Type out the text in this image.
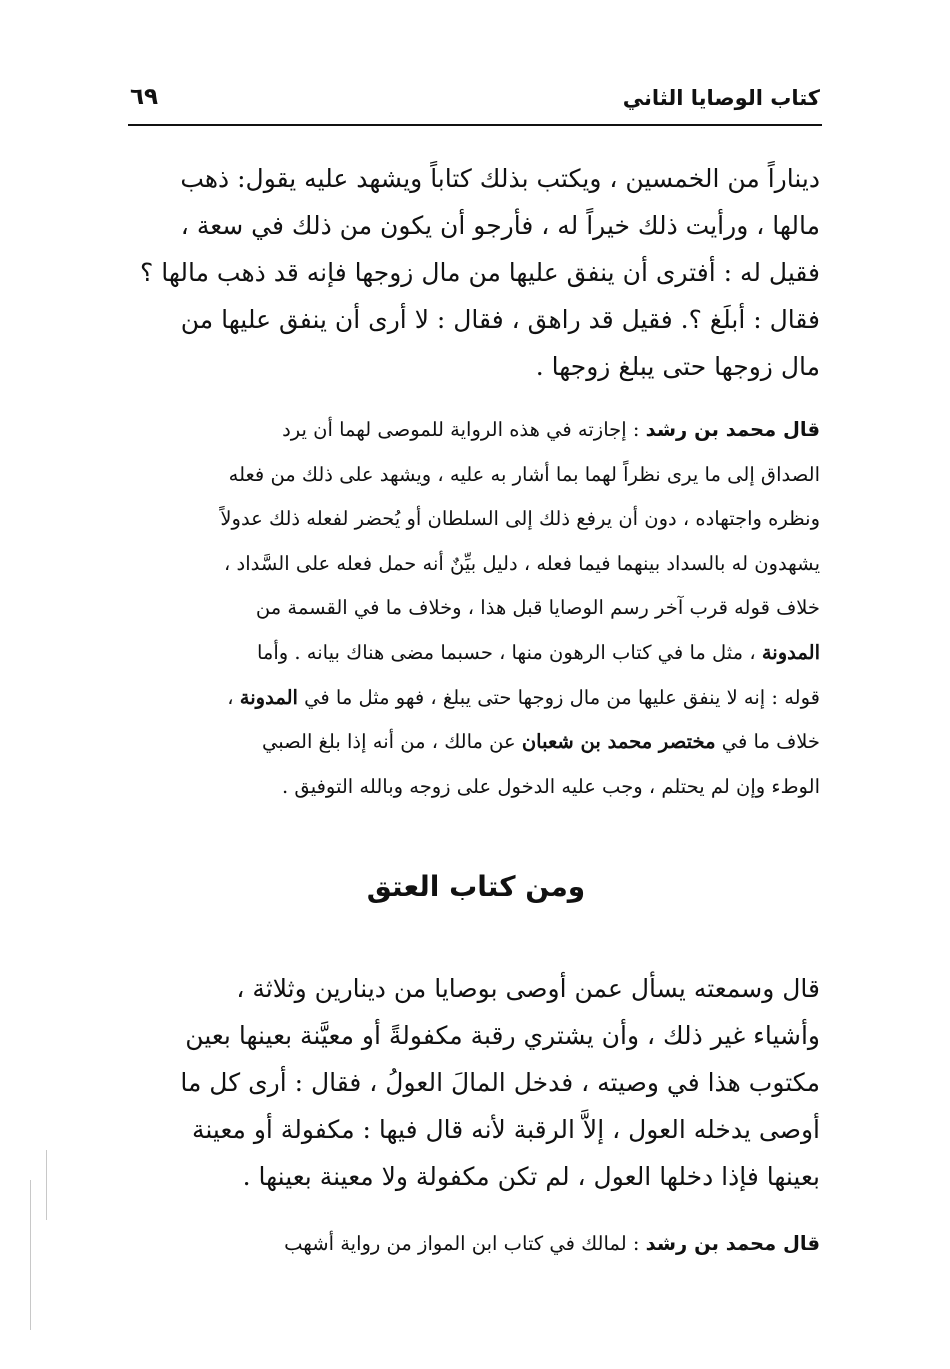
كتاب الوصايا الثاني
٦٩
ديناراً من الخمسين ، ويكتب بذلك كتاباً ويشهد عليه يقول: ذهب
مالها ، ورأيت ذلك خيراً له ، فأرجو أن يكون من ذلك في سعة ،
فقيل له : أفترى أن ينفق عليها من مال زوجها فإنه قد ذهب مالها ؟
فقال : أبلَغ ؟. فقيل قد راهق ، فقال : لا أرى أن ينفق عليها من
مال زوجها حتى يبلغ زوجها .
قال محمد بن رشد : إجازته في هذه الرواية للموصى لهما أن يرد
الصداق إلى ما يرى نظراً لهما بما أشار به عليه ، ويشهد على ذلك من فعله
ونظره واجتهاده ، دون أن يرفع ذلك إلى السلطان أو يُحضر لفعله ذلك عدولاً
يشهدون له بالسداد بينهما فيما فعله ، دليل بيِّنٌ أنه حمل فعله على السَّداد ،
خلاف قوله قرب آخر رسم الوصايا قبل هذا ، وخلاف ما في القسمة من
المدونة ، مثل ما في كتاب الرهون منها ، حسبما مضى هناك بيانه . وأما
قوله : إنه لا ينفق عليها من مال زوجها حتى يبلغ ، فهو مثل ما في المدونة ،
خلاف ما في مختصر محمد بن شعبان عن مالك ، من أنه إذا بلغ الصبي
الوطء وإن لم يحتلم ، وجب عليه الدخول على زوجه وبالله التوفيق .
ومن كتاب العتق
قال وسمعته يسأل عمن أوصى بوصايا من دينارين وثلاثة ،
وأشياء غير ذلك ، وأن يشتري رقبة مكفولةً أو معيَّنة بعينها بعين
مكتوب هذا في وصيته ، فدخل المالَ العولُ ، فقال : أرى كل ما
أوصى يدخله العول ، إلاَّ الرقبة لأنه قال فيها : مكفولة أو معينة
بعينها فإذا دخلها العول ، لم تكن مكفولة ولا معينة بعينها .
قال محمد بن رشد : لمالك في كتاب ابن المواز من رواية أشهب
